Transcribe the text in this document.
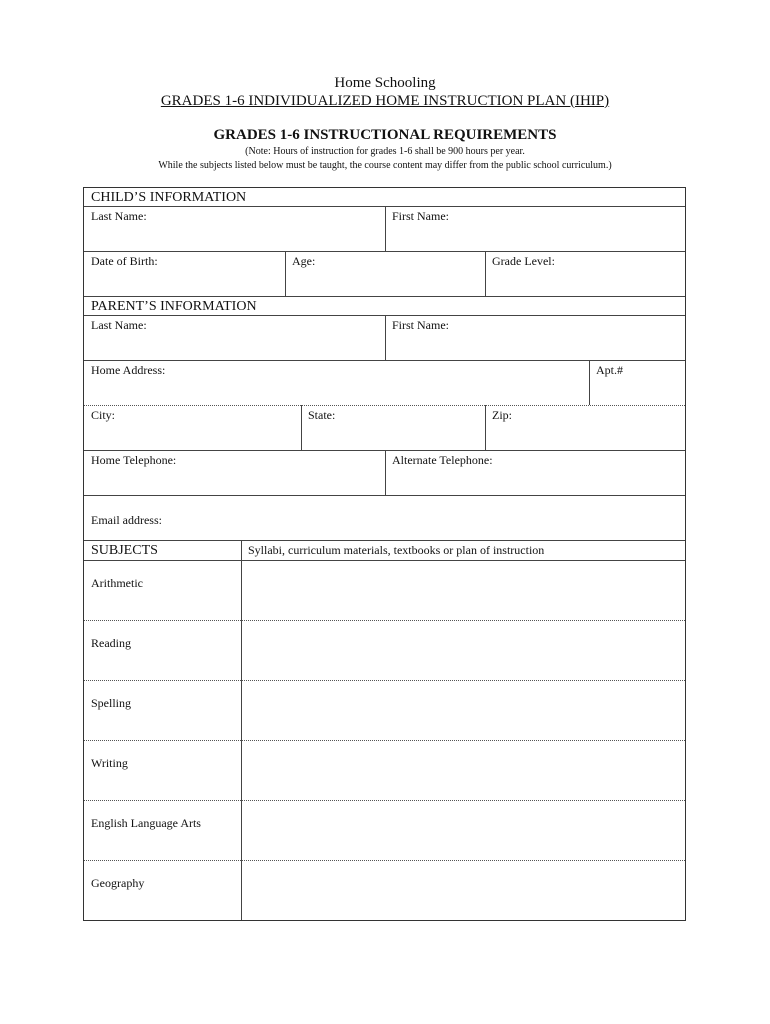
Home Schooling
GRADES 1-6 INDIVIDUALIZED HOME INSTRUCTION PLAN (IHIP)
GRADES 1-6 INSTRUCTIONAL REQUIREMENTS
(Note: Hours of instruction for grades 1-6 shall be 900 hours per year.
While the subjects listed below must be taught, the course content may differ from the public school curriculum.)
CHILD’S INFORMATION
Last Name:	First Name:
Date of Birth:	Age:	Grade Level:
PARENT’S INFORMATION
Last Name:	First Name:
Home Address:	Apt.#
City:	State:	Zip:
Home Telephone:	Alternate Telephone:
Email address:
SUBJECTS	Syllabi, curriculum materials, textbooks or plan of instruction
Arithmetic
Reading
Spelling
Writing
English Language Arts
Geography
